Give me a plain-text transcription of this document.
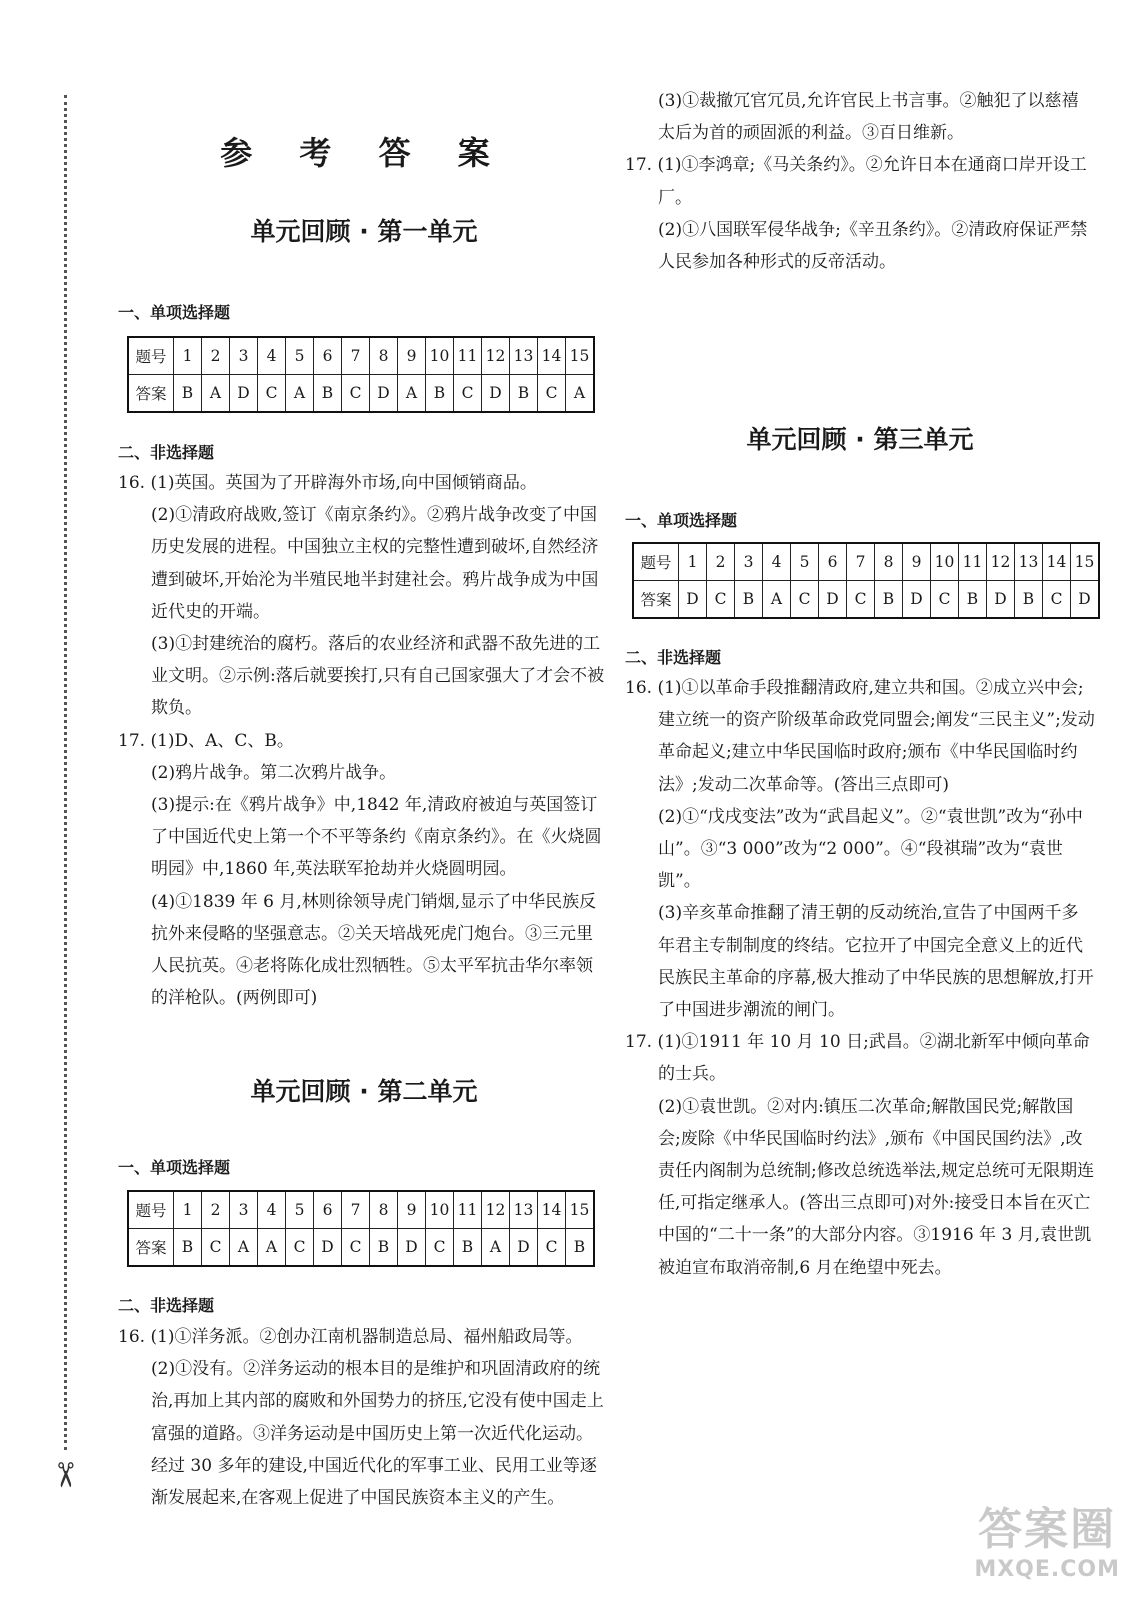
✂
参 考 答 案
单元回顾 · 第一单元
一、单项选择题
题号	1	2	3	4	5	6	7	8	9	10	11	12	13	14	15
答案	B	A	D	C	A	B	C	D	A	B	C	D	B	C	A
二、非选择题

16. (1)英国。英国为了开辟海外市场,向中国倾销商品。

(2)①清政府战败,签订《南京条约》。②鸦片战争改变了中国历史发展的进程。中国独立主权的完整性遭到破坏,自然经济遭到破坏,开始沦为半殖民地半封建社会。鸦片战争成为中国近代史的开端。

(3)①封建统治的腐朽。落后的农业经济和武器不敌先进的工业文明。②示例:落后就要挨打,只有自己国家强大了才会不被欺负。

17. (1)D、A、C、B。

(2)鸦片战争。第二次鸦片战争。

(3)提示:在《鸦片战争》中,1842 年,清政府被迫与英国签订了中国近代史上第一个不平等条约《南京条约》。在《火烧圆明园》中,1860 年,英法联军抢劫并火烧圆明园。

(4)①1839 年 6 月,林则徐领导虎门销烟,显示了中华民族反抗外来侵略的坚强意志。②关天培战死虎门炮台。③三元里人民抗英。④老将陈化成壮烈牺牲。⑤太平军抗击华尔率领的洋枪队。(两例即可)

单元回顾 · 第二单元
一、单项选择题
题号	1	2	3	4	5	6	7	8	9	10	11	12	13	14	15
答案	B	C	A	A	C	D	C	B	D	C	B	A	D	C	B
二、非选择题

16. (1)①洋务派。②创办江南机器制造总局、福州船政局等。

(2)①没有。②洋务运动的根本目的是维护和巩固清政府的统治,再加上其内部的腐败和外国势力的挤压,它没有使中国走上富强的道路。③洋务运动是中国历史上第一次近代化运动。经过 30 多年的建设,中国近代化的军事工业、民用工业等逐渐发展起来,在客观上促进了中国民族资本主义的产生。

(3)①裁撤冗官冗员,允许官民上书言事。②触犯了以慈禧太后为首的顽固派的利益。③百日维新。

17. (1)①李鸿章;《马关条约》。②允许日本在通商口岸开设工厂。

(2)①八国联军侵华战争;《辛丑条约》。②清政府保证严禁人民参加各种形式的反帝活动。

单元回顾 · 第三单元
一、单项选择题
题号	1	2	3	4	5	6	7	8	9	10	11	12	13	14	15
答案	D	C	B	A	C	D	C	B	D	C	B	D	B	C	D
二、非选择题

16. (1)①以革命手段推翻清政府,建立共和国。②成立兴中会;建立统一的资产阶级革命政党同盟会;阐发“三民主义”;发动革命起义;建立中华民国临时政府;颁布《中华民国临时约法》;发动二次革命等。(答出三点即可)

(2)①“戊戌变法”改为“武昌起义”。②“袁世凯”改为“孙中山”。③“3 000”改为“2 000”。④“段祺瑞”改为“袁世凯”。

(3)辛亥革命推翻了清王朝的反动统治,宣告了中国两千多年君主专制制度的终结。它拉开了中国完全意义上的近代民族民主革命的序幕,极大推动了中华民族的思想解放,打开了中国进步潮流的闸门。

17. (1)①1911 年 10 月 10 日;武昌。②湖北新军中倾向革命的士兵。

(2)①袁世凯。②对内:镇压二次革命;解散国民党;解散国会;废除《中华民国临时约法》,颁布《中国民国约法》,改责任内阁制为总统制;修改总统选举法,规定总统可无限期连任,可指定继承人。(答出三点即可)对外:接受日本旨在灭亡中国的“二十一条”的大部分内容。③1916 年 3 月,袁世凯被迫宣布取消帝制,6 月在绝望中死去。

答案圈
MXQE.COM
